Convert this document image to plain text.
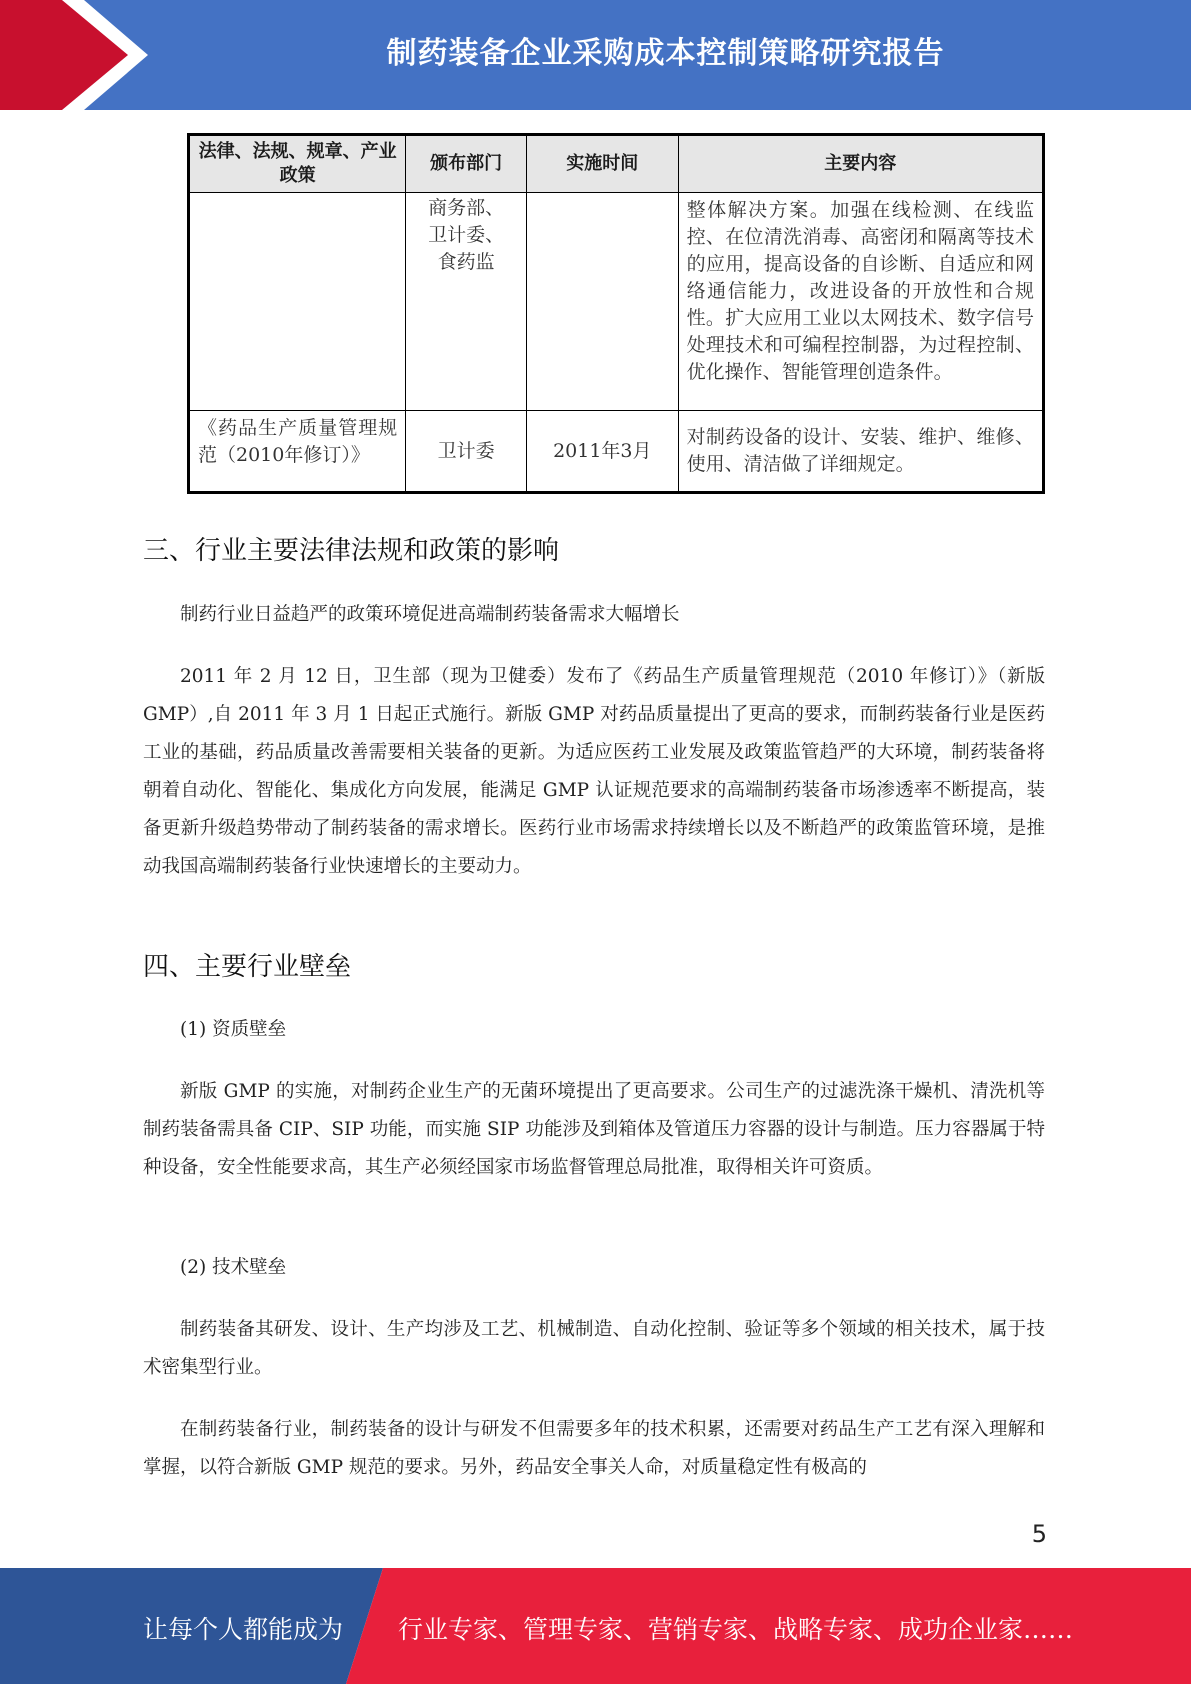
制药装备企业采购成本控制策略研究报告
法律、法规、规章、产业政策	颁布部门	实施时间	主要内容
	商务部、卫计委、食药监		整体解决方案。加强在线检测、在线监控、在位清洗消毒、高密闭和隔离等技术的应用，提高设备的自诊断、自适应和网络通信能力，改进设备的开放性和合规性。扩大应用工业以太网技术、数字信号处理技术和可编程控制器，为过程控制、优化操作、智能管理创造条件。
《药品生产质量管理规范（2010年修订）》	卫计委	2011年3月	对制药设备的设计、安装、维护、维修、使用、清洁做了详细规定。
三、行业主要法律法规和政策的影响

制药行业日益趋严的政策环境促进高端制药装备需求大幅增长

2011 年 2 月 12 日，卫生部（现为卫健委）发布了《药品生产质量管理规范（2010 年修订）》（新版 GMP）,自 2011 年 3 月 1 日起正式施行。新版 GMP 对药品质量提出了更高的要求，而制药装备行业是医药工业的基础，药品质量改善需要相关装备的更新。为适应医药工业发展及政策监管趋严的大环境，制药装备将朝着自动化、智能化、集成化方向发展，能满足 GMP 认证规范要求的高端制药装备市场渗透率不断提高，装备更新升级趋势带动了制药装备的需求增长。医药行业市场需求持续增长以及不断趋严的政策监管环境，是推动我国高端制药装备行业快速增长的主要动力。

四、主要行业壁垒

(1) 资质壁垒

新版 GMP 的实施，对制药企业生产的无菌环境提出了更高要求。公司生产的过滤洗涤干燥机、清洗机等制药装备需具备 CIP、SIP 功能，而实施 SIP 功能涉及到箱体及管道压力容器的设计与制造。压力容器属于特种设备，安全性能要求高，其生产必须经国家市场监督管理总局批准，取得相关许可资质。

(2) 技术壁垒

制药装备其研发、设计、生产均涉及工艺、机械制造、自动化控制、验证等多个领域的相关技术，属于技术密集型行业。

在制药装备行业，制药装备的设计与研发不但需要多年的技术积累，还需要对药品生产工艺有深入理解和掌握，以符合新版 GMP 规范的要求。另外，药品安全事关人命，对质量稳定性有极高的

5
让每个人都能成为 行业专家、管理专家、营销专家、战略专家、成功企业家……
